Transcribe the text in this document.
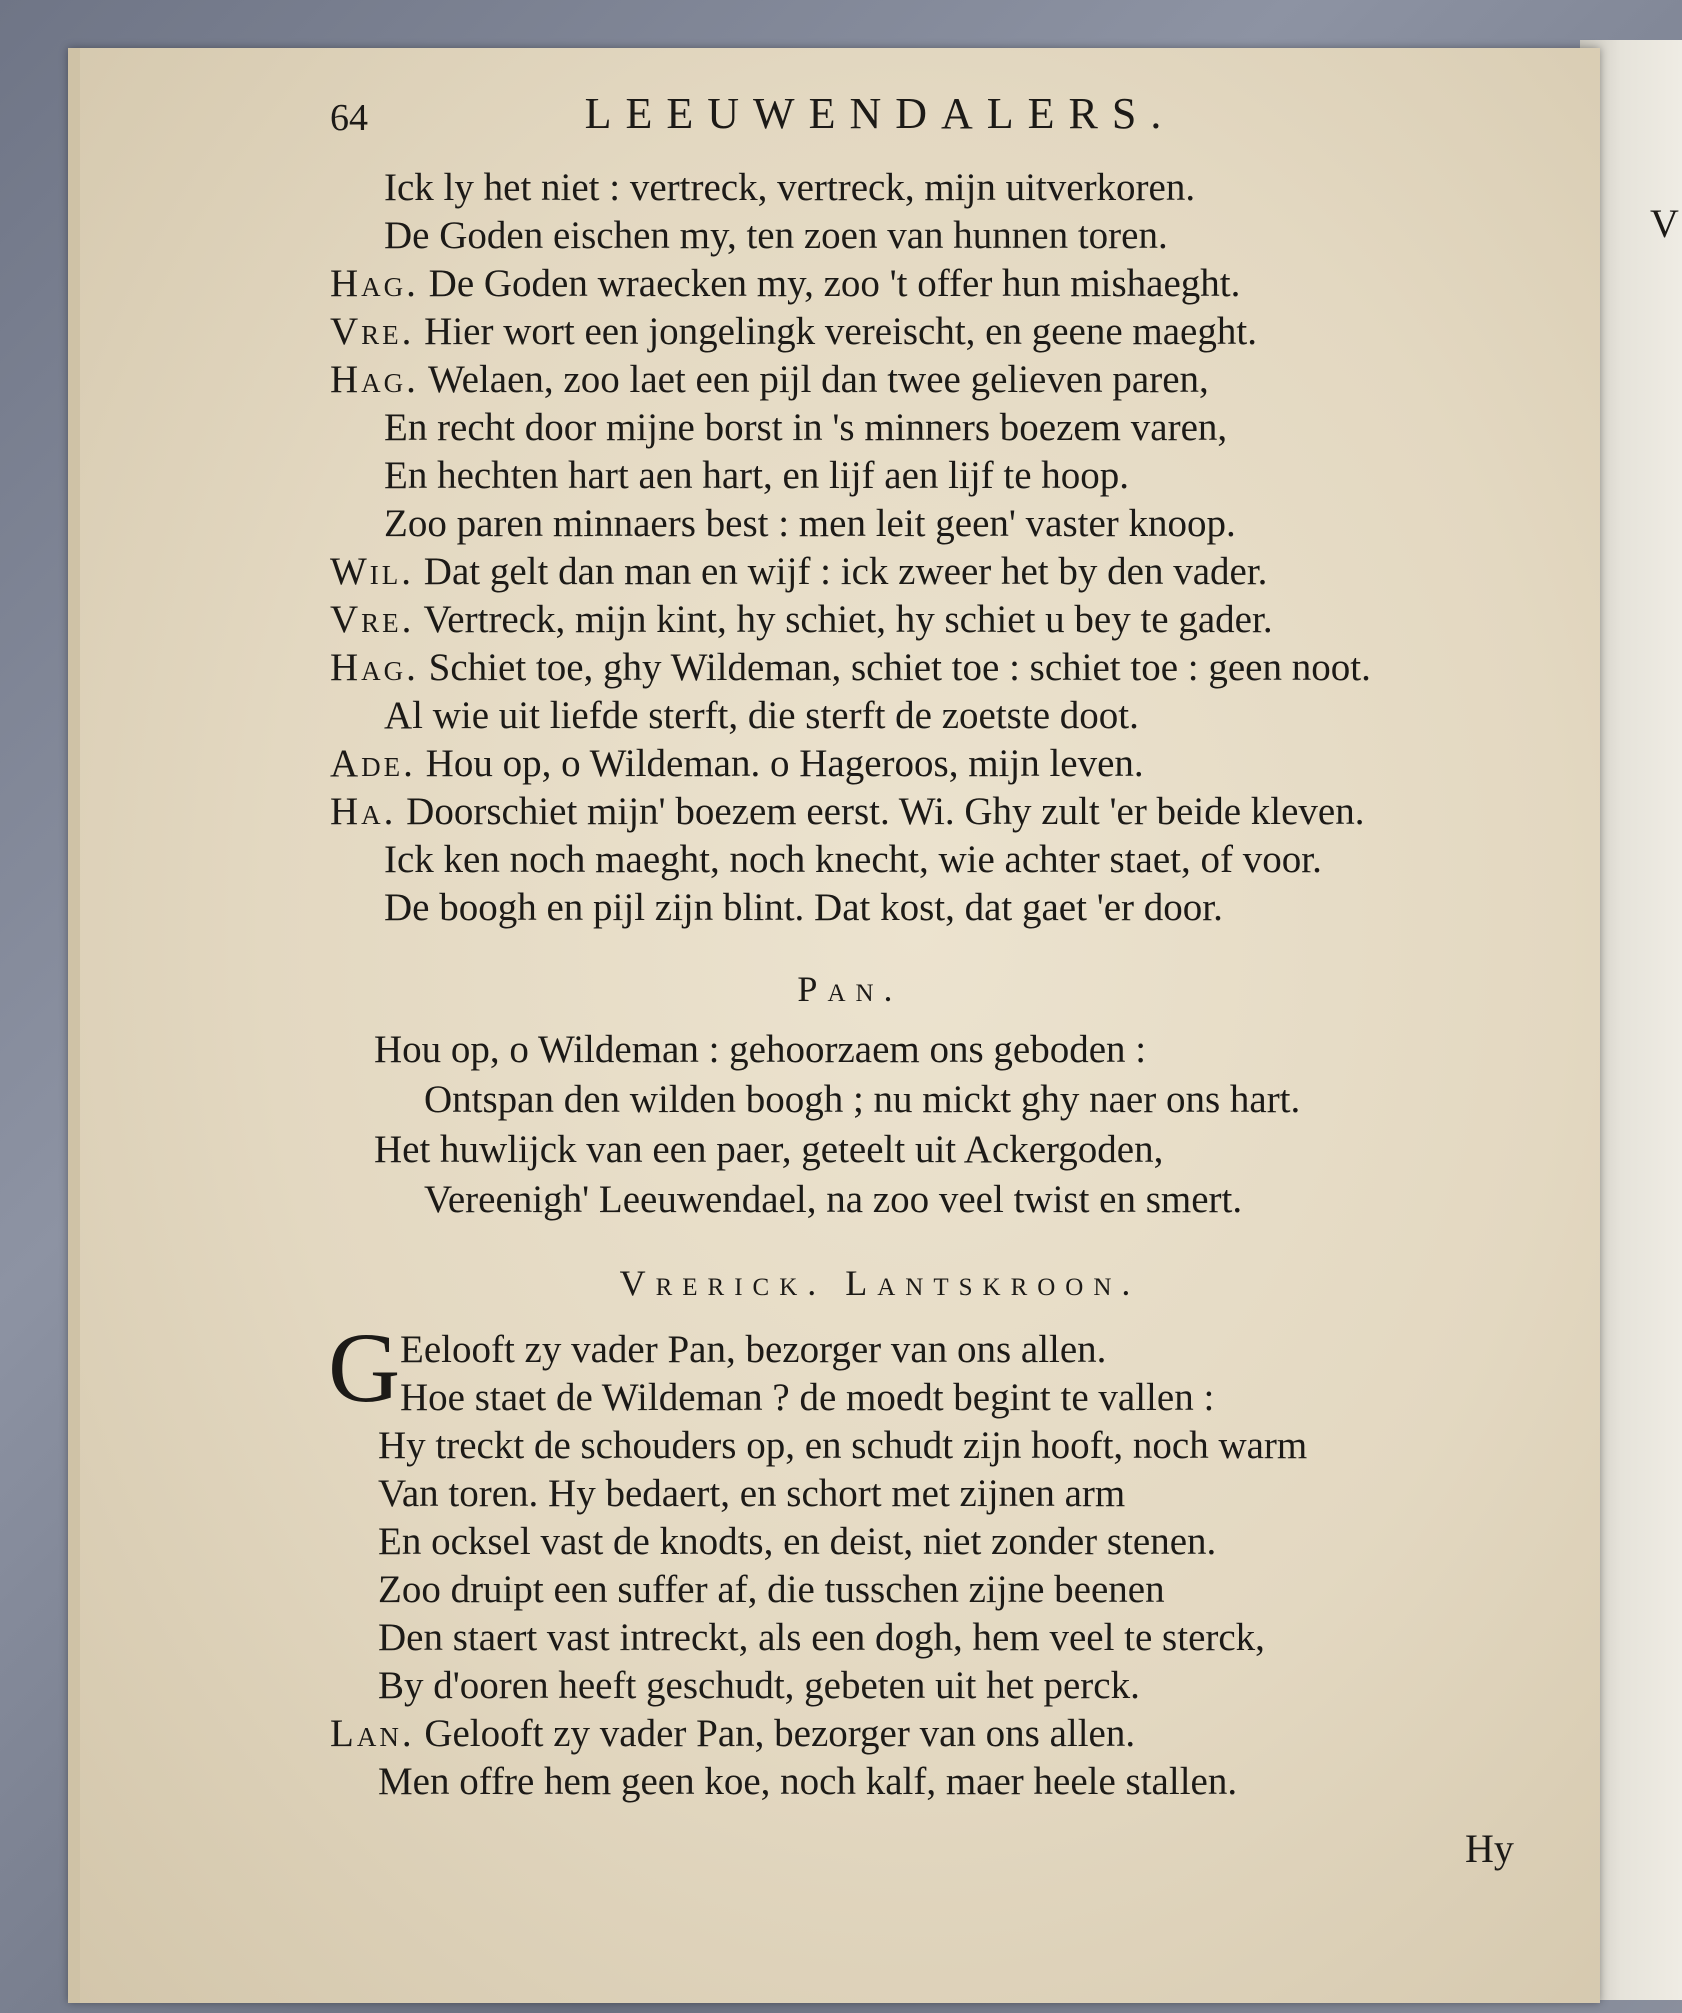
V
64	LEEUWENDALERS.
Ick ly het niet : vertreck, vertreck, mijn uitverkoren.
De Goden eischen my, ten zoen van hunnen toren.
Hag. De Goden wraecken my, zoo 't offer hun mishaeght.
Vre. Hier wort een jongelingk vereischt, en geene maeght.
Hag. Welaen, zoo laet een pijl dan twee gelieven paren,
En recht door mijne borst in 's minners boezem varen,
En hechten hart aen hart, en lijf aen lijf te hoop.
Zoo paren minnaers best : men leit geen' vaster knoop.
Wil. Dat gelt dan man en wijf : ick zweer het by den vader.
Vre. Vertreck, mijn kint, hy schiet, hy schiet u bey te gader.
Hag. Schiet toe, ghy Wildeman, schiet toe : schiet toe : geen noot.
Al wie uit liefde sterft, die sterft de zoetste doot.
Ade. Hou op, o Wildeman. o Hageroos, mijn leven.
Ha. Doorschiet mijn' boezem eerst. Wi. Ghy zult 'er beide kleven.
Ick ken noch maeght, noch knecht, wie achter staet, of voor.
De boogh en pijl zijn blint. Dat kost, dat gaet 'er door.
Pan.
Hou op, o Wildeman : gehoorzaem ons geboden :
Ontspan den wilden boogh ; nu mickt ghy naer ons hart.
Het huwlijck van een paer, geteelt uit Ackergoden,
Vereenigh' Leeuwendael, na zoo veel twist en smert.
Vrerick. Lantskroon.
G Eelooft zy vader Pan, bezorger van ons allen.
Hoe staet de Wildeman ? de moedt begint te vallen :
Hy treckt de schouders op, en schudt zijn hooft, noch warm
Van toren. Hy bedaert, en schort met zijnen arm
En ocksel vast de knodts, en deist, niet zonder stenen.
Zoo druipt een suffer af, die tusschen zijne beenen
Den staert vast intreckt, als een dogh, hem veel te sterck,
By d'ooren heeft geschudt, gebeten uit het perck.
Lan. Gelooft zy vader Pan, bezorger van ons allen.
Men offre hem geen koe, noch kalf, maer heele stallen.
Hy
